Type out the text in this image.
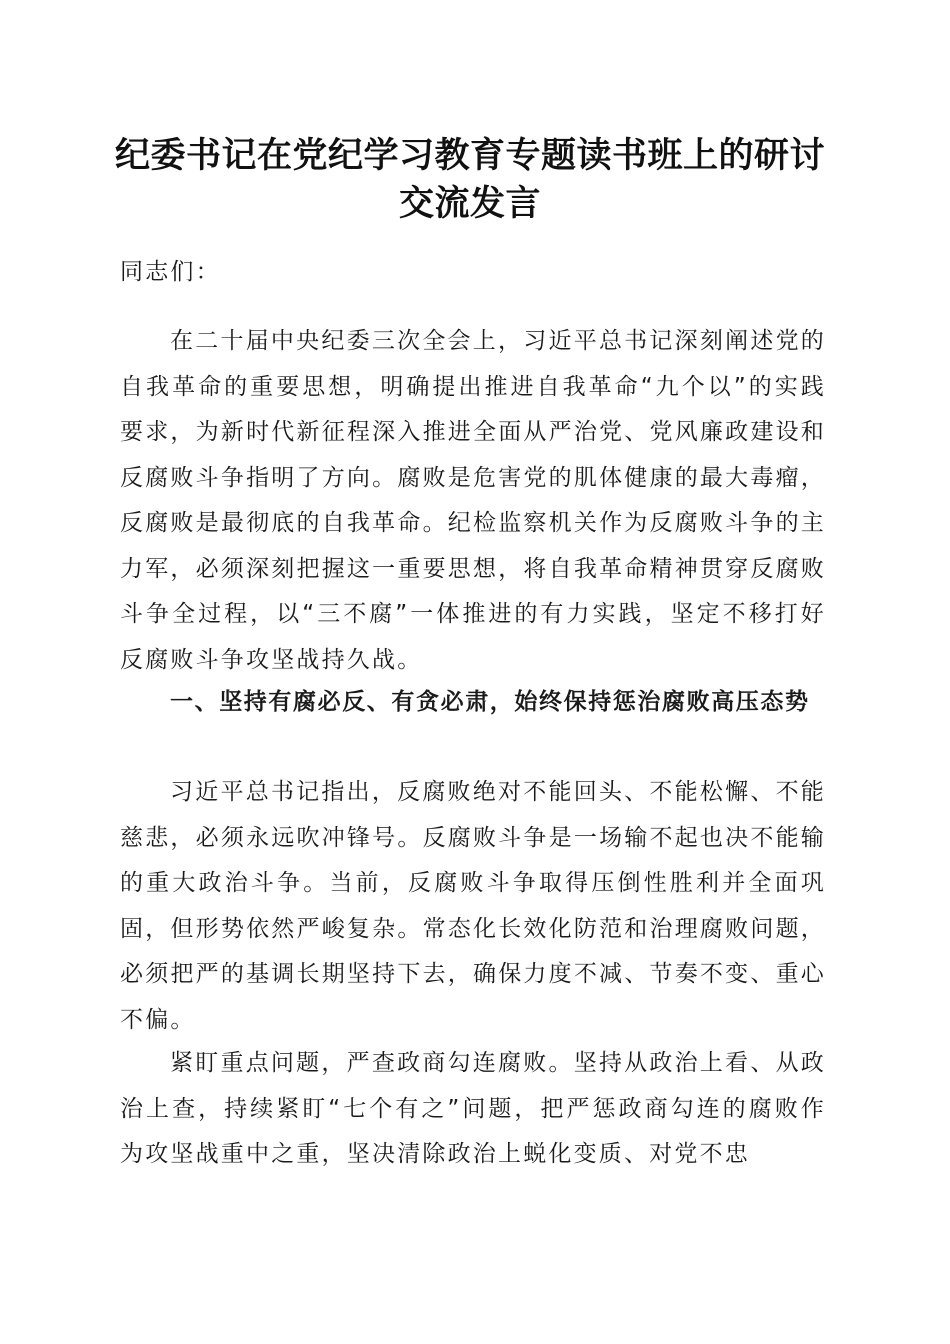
纪委书记在党纪学习教育专题读书班上的研讨交流发言

同志们：

在二十届中央纪委三次全会上，习近平总书记深刻阐述党的自我革命的重要思想，明确提出推进自我革命“九个以”的实践要求，为新时代新征程深入推进全面从严治党、党风廉政建设和反腐败斗争指明了方向。腐败是危害党的肌体健康的最大毒瘤，反腐败是最彻底的自我革命。纪检监察机关作为反腐败斗争的主力军，必须深刻把握这一重要思想，将自我革命精神贯穿反腐败斗争全过程，以“三不腐”一体推进的有力实践，坚定不移打好反腐败斗争攻坚战持久战。

一、坚持有腐必反、有贪必肃，始终保持惩治腐败高压态势

习近平总书记指出，反腐败绝对不能回头、不能松懈、不能慈悲，必须永远吹冲锋号。反腐败斗争是一场输不起也决不能输的重大政治斗争。当前，反腐败斗争取得压倒性胜利并全面巩固，但形势依然严峻复杂。常态化长效化防范和治理腐败问题，必须把严的基调长期坚持下去，确保力度不减、节奏不变、重心不偏。

紧盯重点问题，严查政商勾连腐败。坚持从政治上看、从政治上查，持续紧盯“七个有之”问题，把严惩政商勾连的腐败作为攻坚战重中之重，坚决清除政治上蜕化变质、对党不忠
